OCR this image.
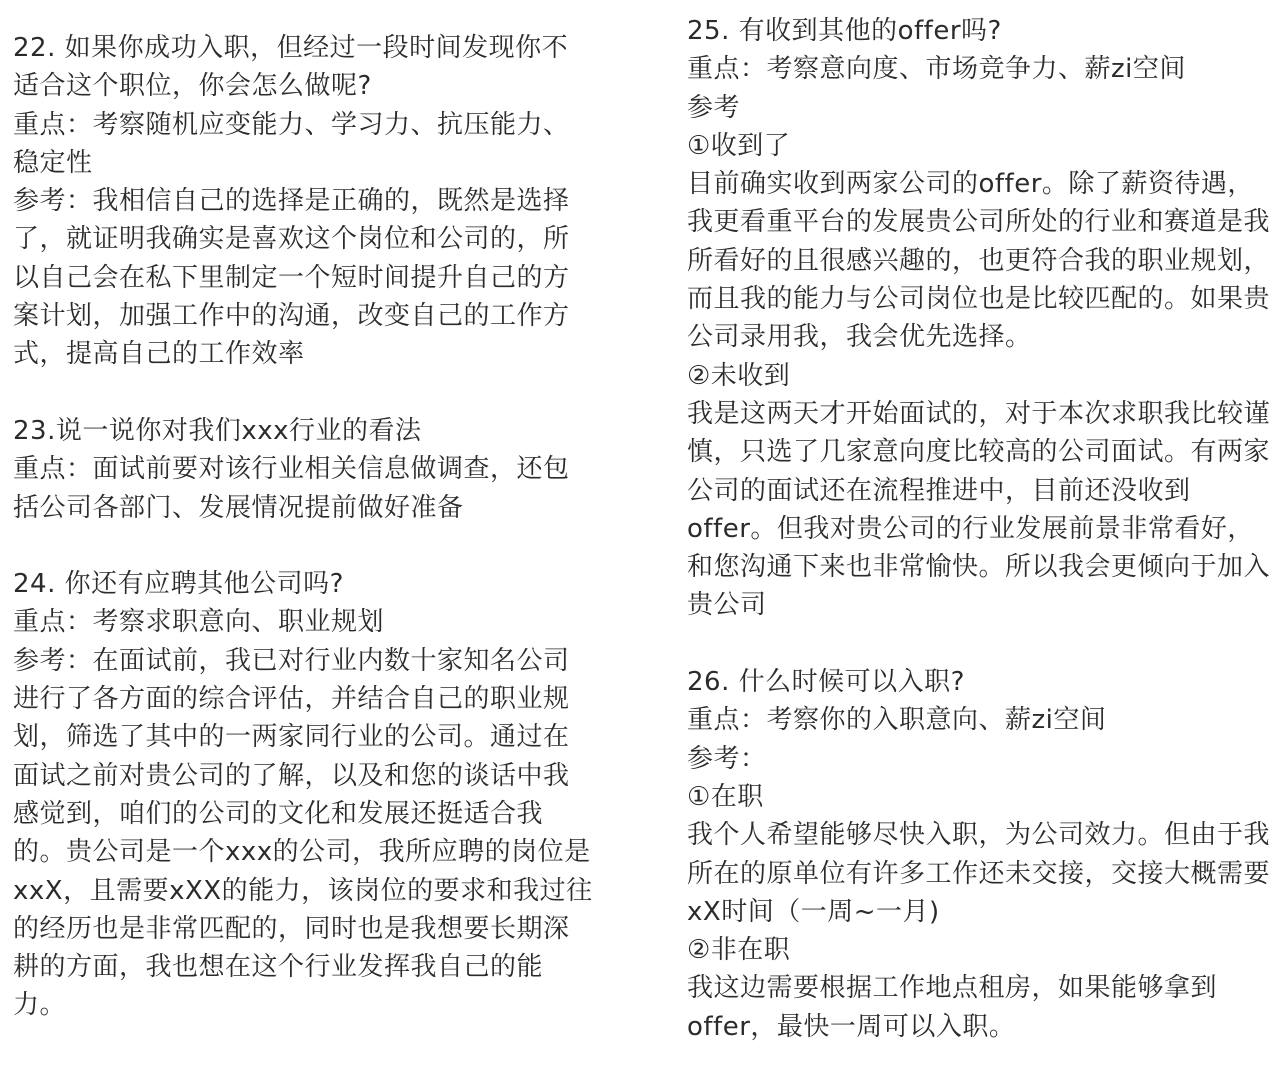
22. 如果你成功入职，但经过一段时间发现你不适合这个职位，你会怎么做呢?

重点：考察随机应变能力、学习力、抗压能力、稳定性

参考：我相信自己的选择是正确的，既然是选择了，就证明我确实是喜欢这个岗位和公司的，所以自己会在私下里制定一个短时间提升自己的方案计划，加强工作中的沟通，改变自己的工作方式，提高自己的工作效率

23.说一说你对我们xxx行业的看法

重点：面试前要对该行业相关信息做调查，还包括公司各部门、发展情况提前做好准备

24. 你还有应聘其他公司吗?

重点：考察求职意向、职业规划

参考：在面试前，我已对行业内数十家知名公司进行了各方面的综合评估，并结合自己的职业规划，筛选了其中的一两家同行业的公司。通过在面试之前对贵公司的了解，以及和您的谈话中我感觉到，咱们的公司的文化和发展还挺适合我的。贵公司是一个xxx的公司，我所应聘的岗位是xxX，且需要xXX的能力，该岗位的要求和我过往的经历也是非常匹配的，同时也是我想要长期深耕的方面，我也想在这个行业发挥我自己的能力。

25. 有收到其他的offer吗?

重点：考察意向度、市场竞争力、薪zi空间

参考

①收到了

目前确实收到两家公司的offer。除了薪资待遇，我更看重平台的发展贵公司所处的行业和赛道是我所看好的且很感兴趣的，也更符合我的职业规划，而且我的能力与公司岗位也是比较匹配的。如果贵公司录用我，我会优先选择。

②未收到

我是这两天才开始面试的，对于本次求职我比较谨慎，只选了几家意向度比较高的公司面试。有两家公司的面试还在流程推进中，目前还没收到offer。但我对贵公司的行业发展前景非常看好，和您沟通下来也非常愉快。所以我会更倾向于加入贵公司

26. 什么时候可以入职?

重点：考察你的入职意向、薪zi空间

参考：

①在职

我个人希望能够尽快入职，为公司效力。但由于我所在的原单位有许多工作还未交接，交接大概需要xX时间（一周~一月)

②非在职

我这边需要根据工作地点租房，如果能够拿到offer，最快一周可以入职。
